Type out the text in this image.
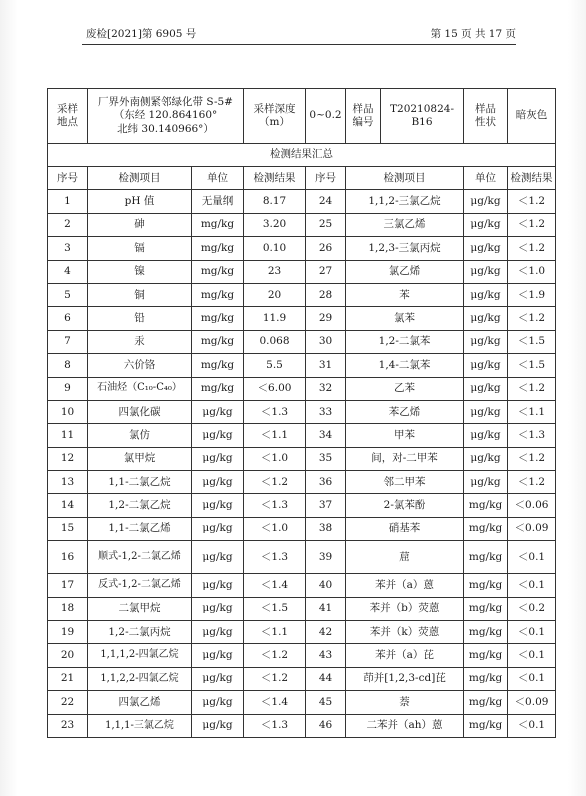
废检[2021]第 6905 号	第 15 页 共 17 页
采样
地点	厂界外南侧紧邻绿化带 S-5#
（东经 120.864160°
北纬 30.140966°）		采样深度
（m）	0~0.2	样品
编号
T20210824-B16	样品
性状	暗灰色
检测结果汇总							
序号	检测项目	单位	检测结果	序号	检测项目	单位	检测结果
1	pH 值	无量纲	8.17	24	1,1,2-三氯乙烷	μg/kg	＜1.2
2	砷	mg/kg	3.20	25	三氯乙烯	μg/kg	＜1.2
3	镉	mg/kg	0.10	26	1,2,3-三氯丙烷	μg/kg	＜1.2
4	镍	mg/kg	23	27	氯乙烯	μg/kg	＜1.0
5	铜	mg/kg	20	28	苯	μg/kg	＜1.9
6	铅	mg/kg	11.9	29	氯苯	μg/kg	＜1.2
7	汞	mg/kg	0.068	30	1,2-二氯苯	μg/kg	＜1.5
8	六价铬	mg/kg	5.5	31	1,4-二氯苯	μg/kg	＜1.5
9	石油烃（C₁₀-C₄₀）	mg/kg	＜6.00	32	乙苯	μg/kg	＜1.2
10	四氯化碳	μg/kg	＜1.3	33	苯乙烯	μg/kg	＜1.1
11	氯仿	μg/kg	＜1.1	34	甲苯	μg/kg	＜1.3
12	氯甲烷	μg/kg	＜1.0	35	间，对-二甲苯	μg/kg	＜1.2
13	1,1-二氯乙烷	μg/kg	＜1.2	36	邻二甲苯	μg/kg	＜1.2
14	1,2-二氯乙烷	μg/kg	＜1.3	37	2-氯苯酚	mg/kg	＜0.06
15	1,1-二氯乙烯	μg/kg	＜1.0	38	硝基苯	mg/kg	＜0.09
16	顺式-1,2-二氯乙烯	μg/kg	＜1.3	39	䓛	mg/kg	＜0.1
17	反式-1,2-二氯乙烯	μg/kg	＜1.4	40	苯并（a）蒽	mg/kg	＜0.1
18	二氯甲烷	μg/kg	＜1.5	41	苯并（b）荧蒽	mg/kg	＜0.2
19	1,2-二氯丙烷	μg/kg	＜1.1	42	苯并（k）荧蒽	mg/kg	＜0.1
20	1,1,1,2-四氯乙烷	μg/kg	＜1.2	43	苯并（a）芘	mg/kg	＜0.1
21	1,1,2,2-四氯乙烷	μg/kg	＜1.2	44	茚并[1,2,3-cd]芘	mg/kg	＜0.1
22	四氯乙烯	μg/kg	＜1.4	45	萘	mg/kg	＜0.09
23	1,1,1-三氯乙烷	μg/kg	＜1.3	46	二苯并（ah）蒽	mg/kg	＜0.1
